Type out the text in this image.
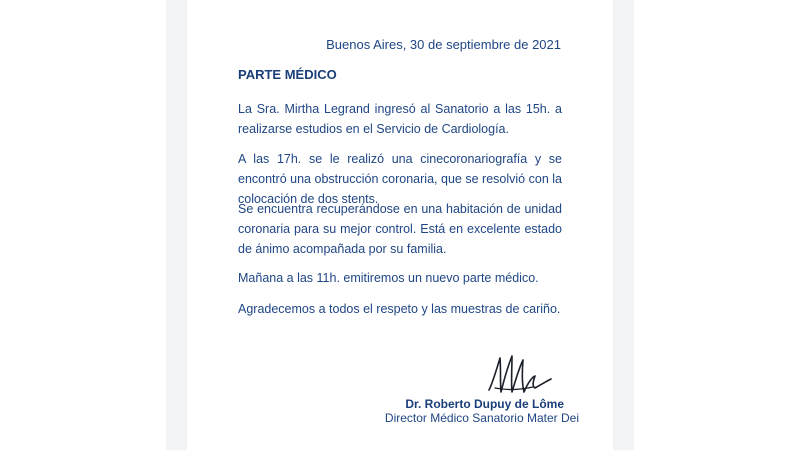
Buenos Aires, 30 de septiembre de 2021
PARTE MÉDICO

La Sra. Mirtha Legrand ingresó al Sanatorio a las 15h. a realizarse estudios en el Servicio de Cardiología.

A las 17h. se le realizó una cinecoronariografía y se encontró una obstrucción coronaria, que se resolvió con la colocación de dos stents.

Se encuentra recuperándose en una habitación de unidad coronaria para su mejor control. Está en excelente estado de ánimo acompañada por su familia.

Mañana a las 11h. emitiremos un nuevo parte médico.

Agradecemos a todos el respeto y las muestras de cariño.

Dr. Roberto Dupuy de Lôme

Director Médico Sanatorio Mater Dei
